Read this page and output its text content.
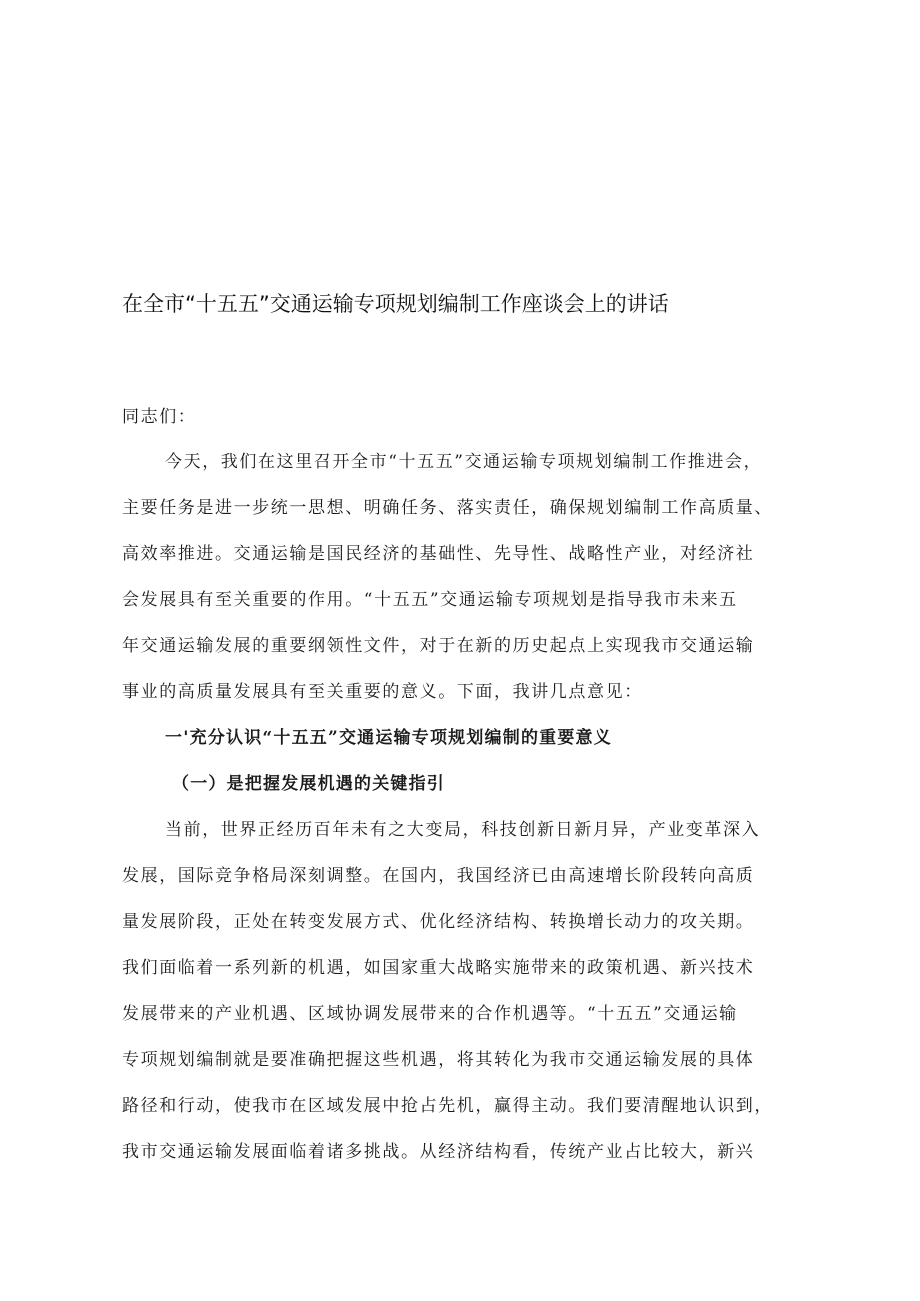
在全市“十五五”交通运输专项规划编制工作座谈会上的讲话
同志们：
今天，我们在这里召开全市“十五五”交通运输专项规划编制工作推进会，
主要任务是进一步统一思想、明确任务、落实责任，确保规划编制工作高质量、
高效率推进。交通运输是国民经济的基础性、先导性、战略性产业，对经济社
会发展具有至关重要的作用。“十五五”交通运输专项规划是指导我市未来五
年交通运输发展的重要纲领性文件，对于在新的历史起点上实现我市交通运输
事业的高质量发展具有至关重要的意义。下面，我讲几点意见：
一'充分认识“十五五”交通运输专项规划编制的重要意义
（一）是把握发展机遇的关键指引
当前，世界正经历百年未有之大变局，科技创新日新月异，产业变革深入
发展，国际竞争格局深刻调整。在国内，我国经济已由高速增长阶段转向高质
量发展阶段，正处在转变发展方式、优化经济结构、转换增长动力的攻关期。
我们面临着一系列新的机遇，如国家重大战略实施带来的政策机遇、新兴技术
发展带来的产业机遇、区域协调发展带来的合作机遇等。“十五五”交通运输
专项规划编制就是要准确把握这些机遇，将其转化为我市交通运输发展的具体
路径和行动，使我市在区域发展中抢占先机，赢得主动。我们要清醒地认识到，
我市交通运输发展面临着诸多挑战。从经济结构看，传统产业占比较大，新兴
